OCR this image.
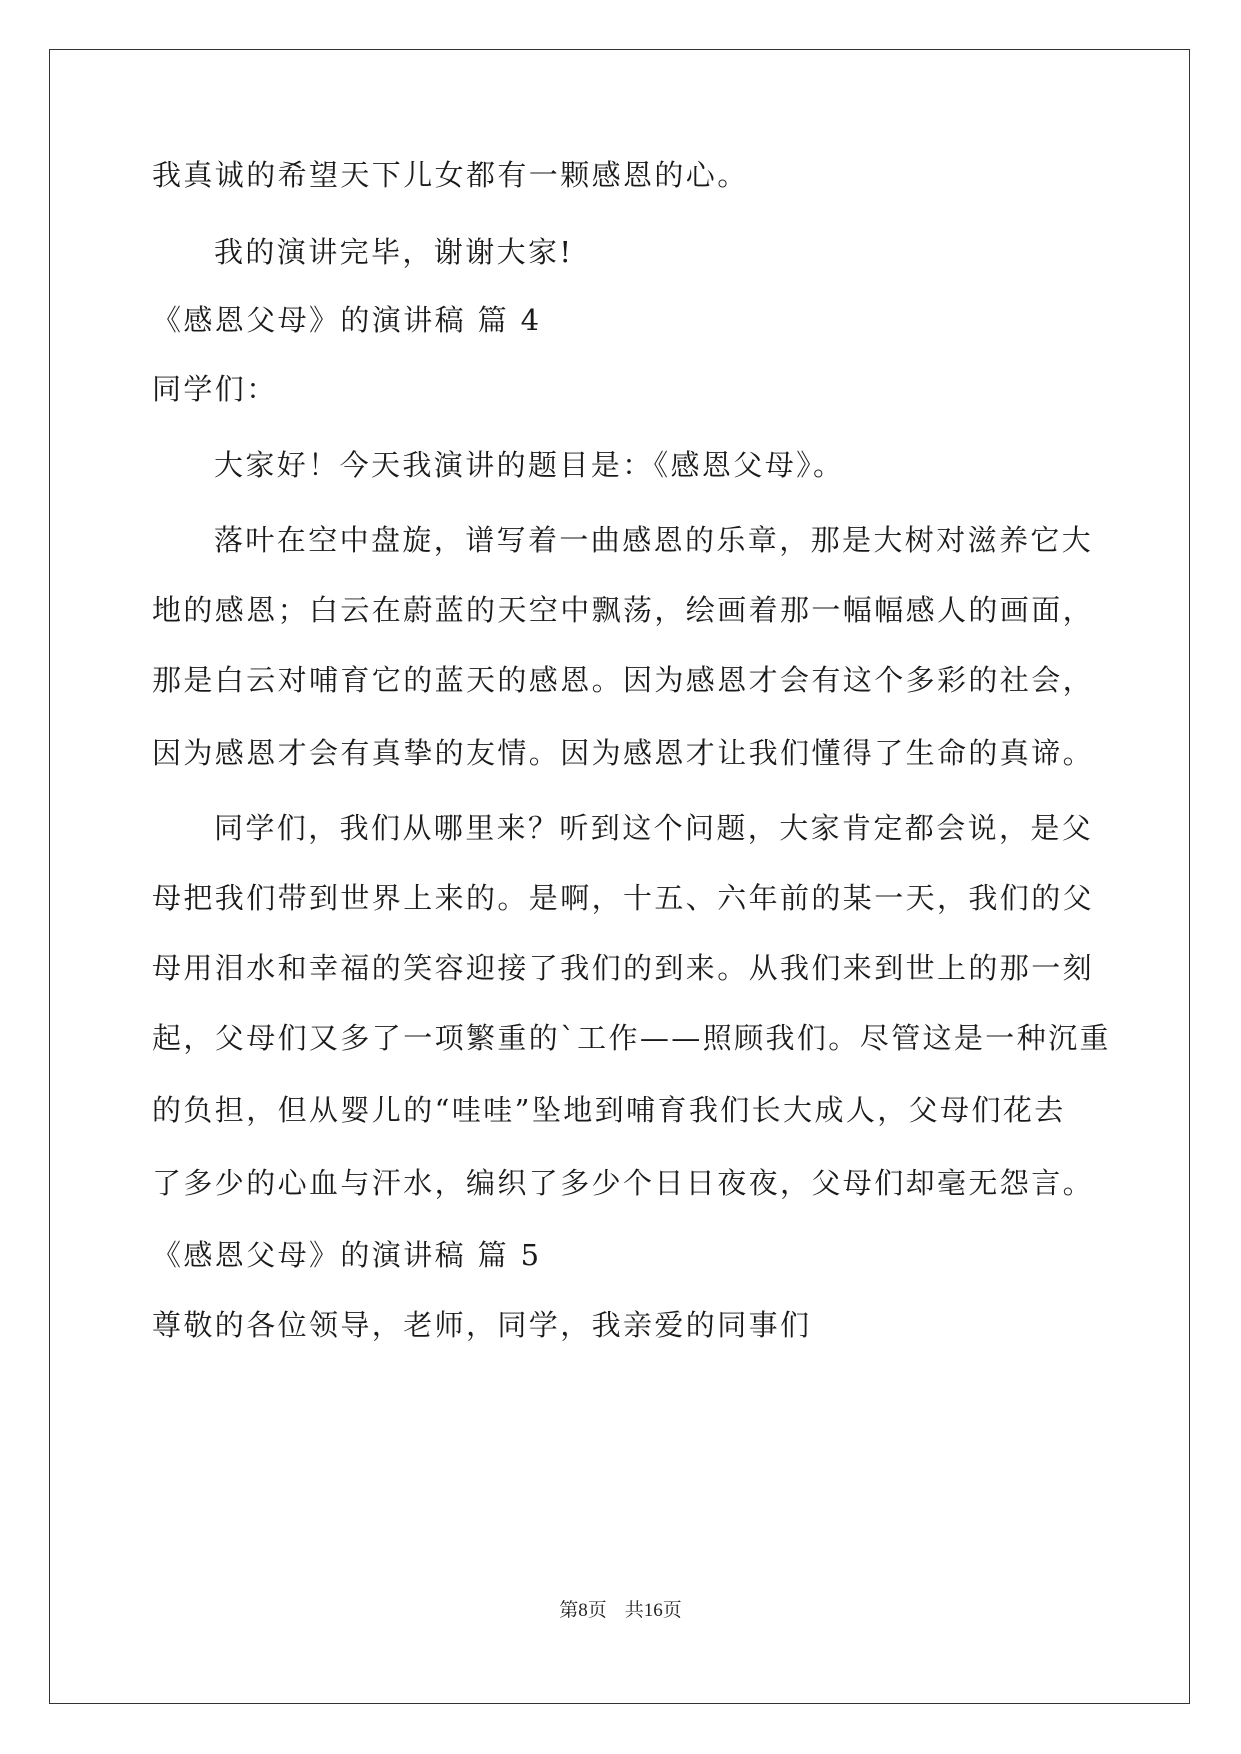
我真诚的希望天下儿女都有一颗感恩的心。
我的演讲完毕，谢谢大家!
《感恩父母》的演讲稿 篇 4
同学们：
大家好！今天我演讲的题目是：《感恩父母》。
落叶在空中盘旋，谱写着一曲感恩的乐章，那是大树对滋养它大
地的感恩；白云在蔚蓝的天空中飘荡，绘画着那一幅幅感人的画面，
那是白云对哺育它的蓝天的感恩。因为感恩才会有这个多彩的社会，
因为感恩才会有真挚的友情。因为感恩才让我们懂得了生命的真谛。
同学们，我们从哪里来？听到这个问题，大家肯定都会说，是父
母把我们带到世界上来的。是啊，十五、六年前的某一天，我们的父
母用泪水和幸福的笑容迎接了我们的到来。从我们来到世上的那一刻
起，父母们又多了一项繁重的`工作——照顾我们。尽管这是一种沉重
的负担，但从婴儿的“哇哇”坠地到哺育我们长大成人，父母们花去
了多少的心血与汗水，编织了多少个日日夜夜，父母们却毫无怨言。
《感恩父母》的演讲稿 篇 5
尊敬的各位领导，老师，同学，我亲爱的同事们
第8页 共16页
